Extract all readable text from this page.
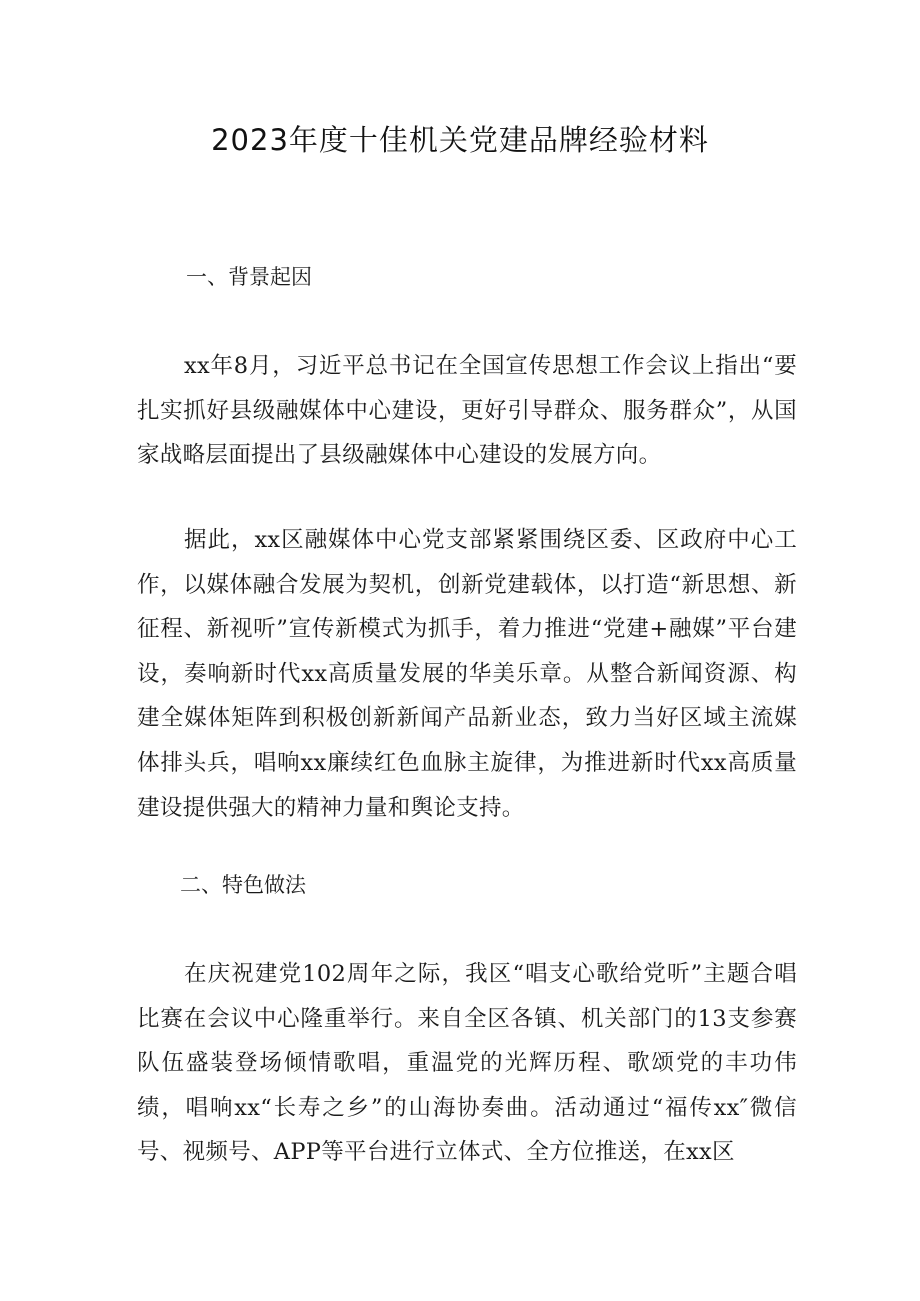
2023年度十佳机关党建品牌经验材料
一、背景起因

xx年8月，习近平总书记在全国宣传思想工作会议上指出“要扎实抓好县级融媒体中心建设，更好引导群众、服务群众”，从国家战略层面提出了县级融媒体中心建设的发展方向。

据此，xx区融媒体中心党支部紧紧围绕区委、区政府中心工作，以媒体融合发展为契机，创新党建载体，以打造“新思想、新征程、新视听”宣传新模式为抓手，着力推进“党建+融媒”平台建设，奏响新时代xx高质量发展的华美乐章。从整合新闻资源、构建全媒体矩阵到积极创新新闻产品新业态，致力当好区域主流媒体排头兵，唱响xx廉续红色血脉主旋律，为推进新时代xx高质量建设提供强大的精神力量和舆论支持。

二、特色做法

在庆祝建党102周年之际，我区“唱支心歌给党听”主题合唱比赛在会议中心隆重举行。来自全区各镇、机关部门的13支参赛队伍盛装登场倾情歌唱，重温党的光辉历程、歌颂党的丰功伟绩，唱响xx“长寿之乡”的山海协奏曲。活动通过“福传xx″微信号、视频号、APP等平台进行立体式、全方位推送，在xx区
